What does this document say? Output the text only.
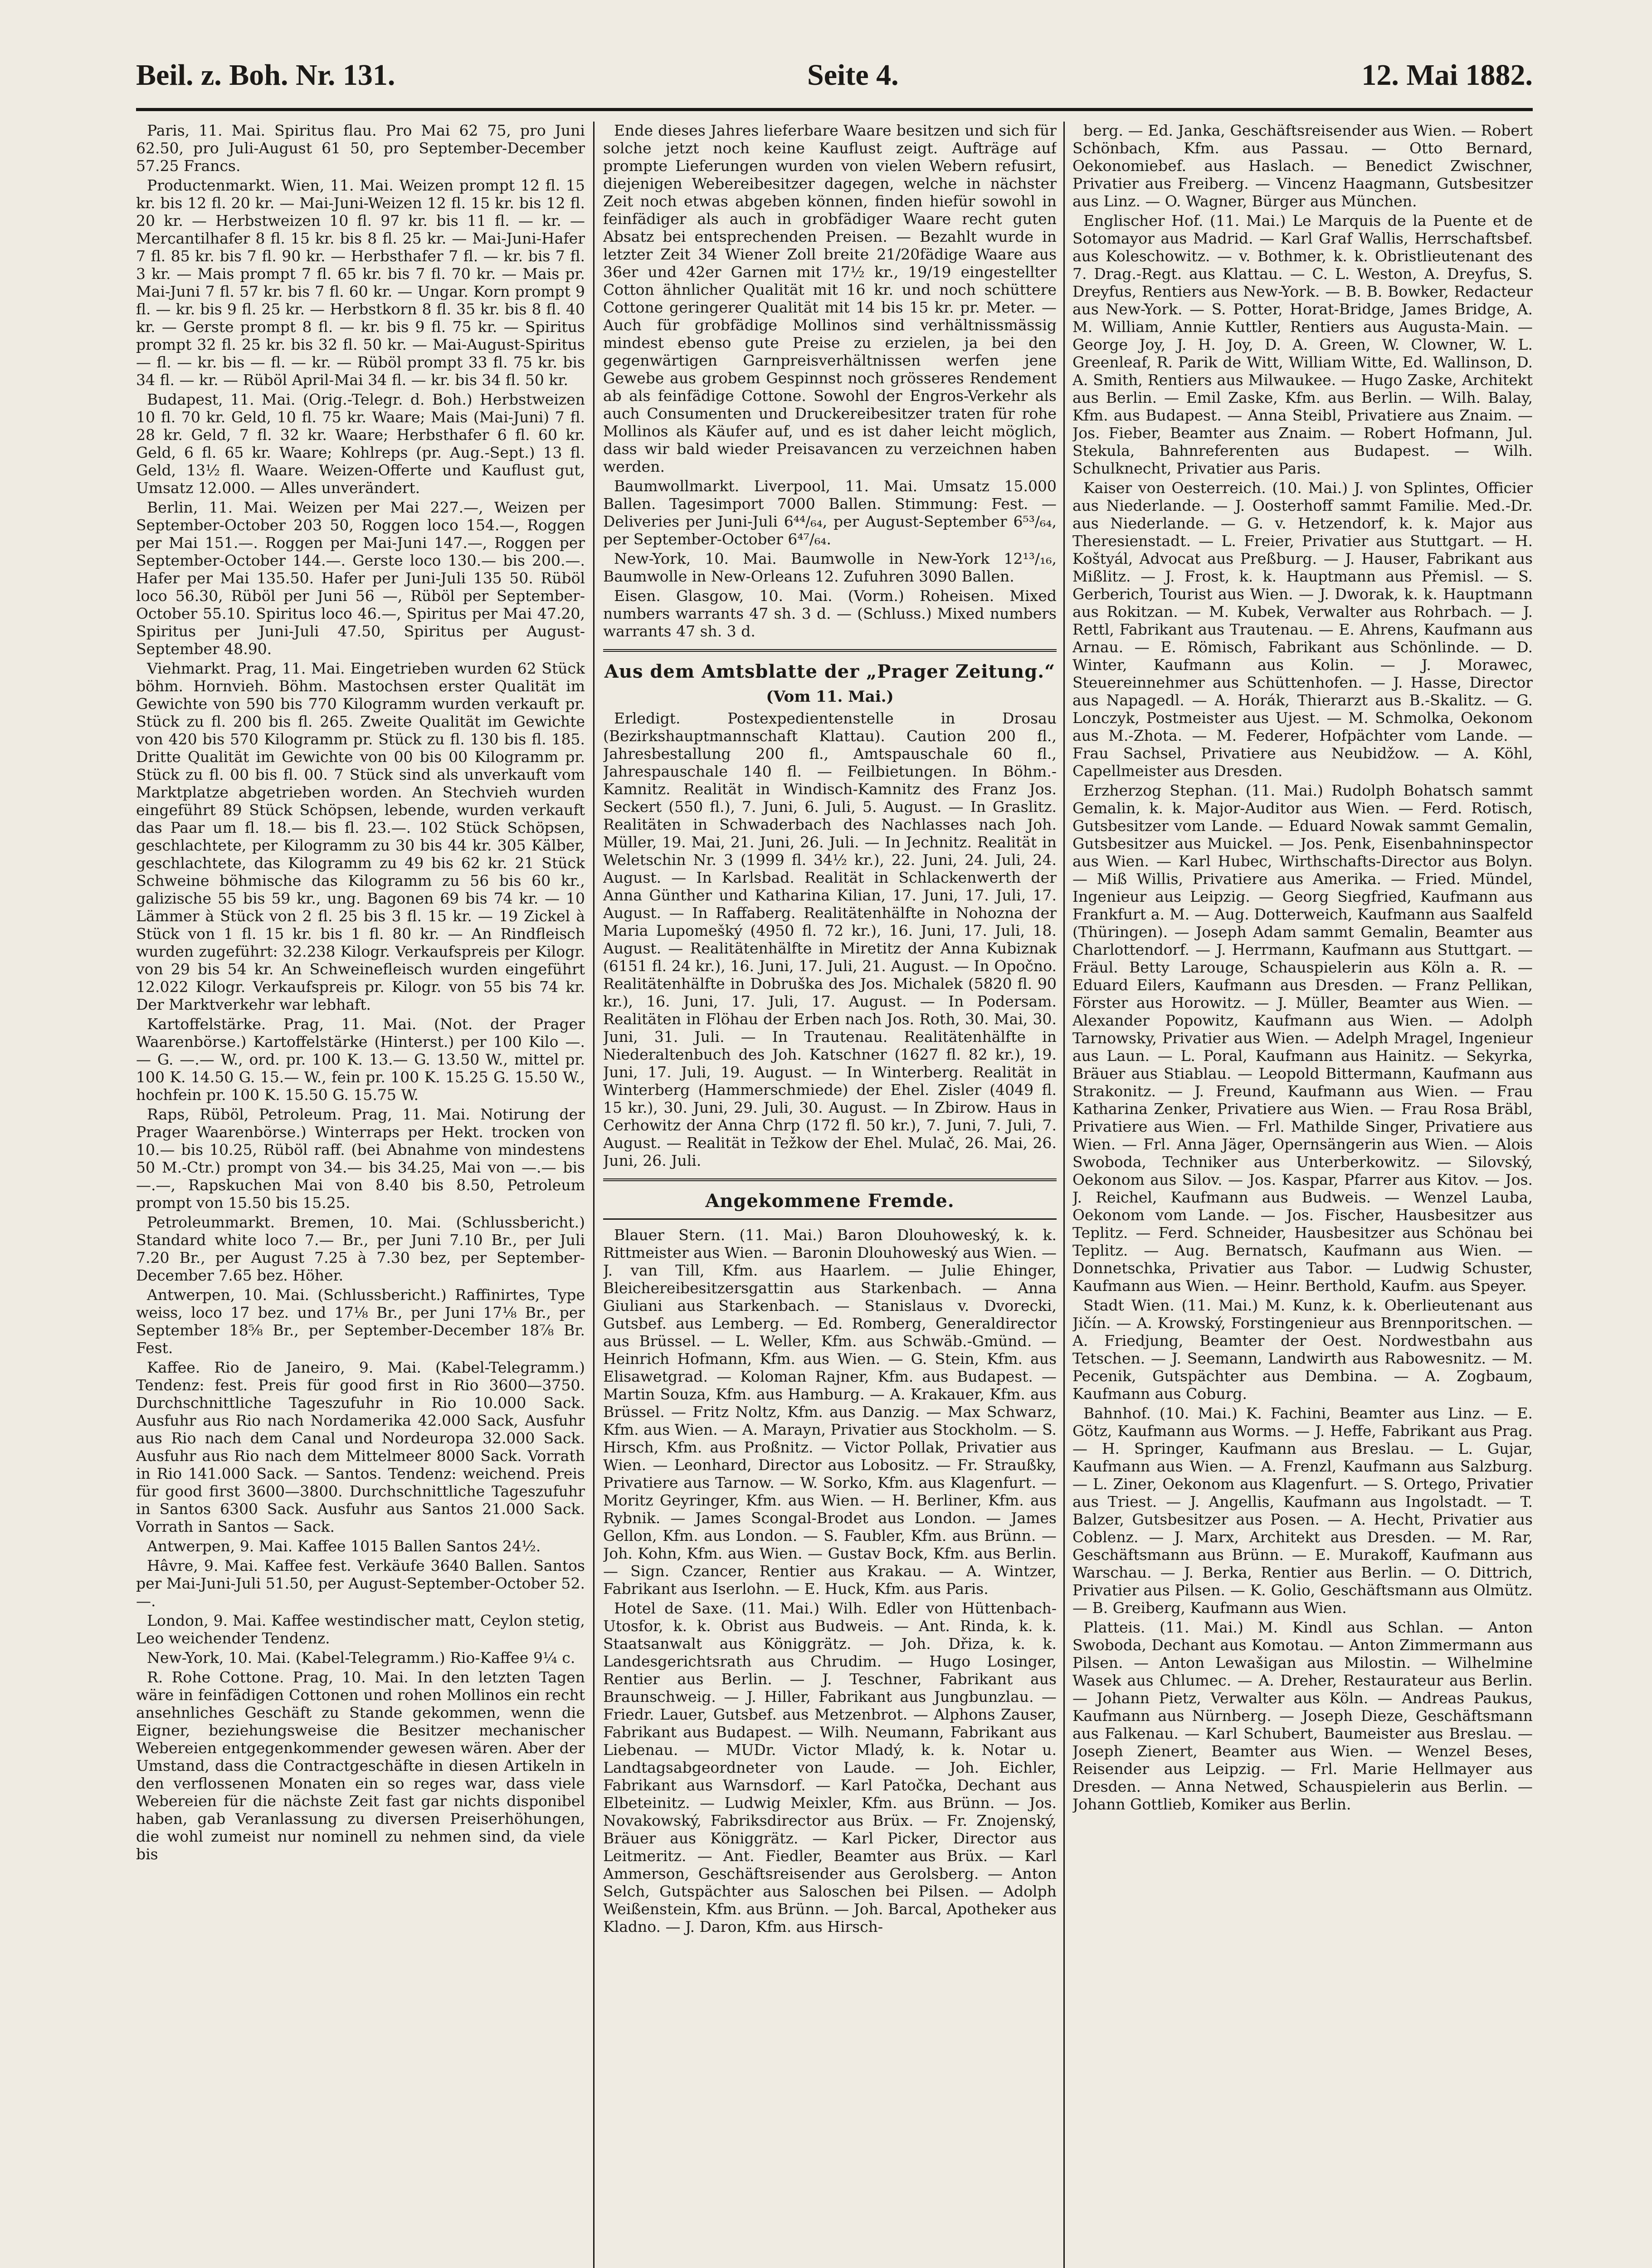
Beil. z. Boh. Nr. 131.	Seite 4.	12. Mai 1882.

Paris, 11. Mai. Spiritus flau. Pro Mai 62 75, pro Juni 62.50, pro Juli-August 61 50, pro September-December 57.25 Francs.

Productenmarkt. Wien, 11. Mai. Weizen prompt 12 fl. 15 kr. bis 12 fl. 20 kr. — Mai-Juni-Weizen 12 fl. 15 kr. bis 12 fl. 20 kr. — Herbstweizen 10 fl. 97 kr. bis 11 fl. — kr. — Mercantilhafer 8 fl. 15 kr. bis 8 fl. 25 kr. — Mai-Juni-Hafer 7 fl. 85 kr. bis 7 fl. 90 kr. — Herbsthafer 7 fl. — kr. bis 7 fl. 3 kr. — Mais prompt 7 fl. 65 kr. bis 7 fl. 70 kr. — Mais pr. Mai-Juni 7 fl. 57 kr. bis 7 fl. 60 kr. — Ungar. Korn prompt 9 fl. — kr. bis 9 fl. 25 kr. — Herbstkorn 8 fl. 35 kr. bis 8 fl. 40 kr. — Gerste prompt 8 fl. — kr. bis 9 fl. 75 kr. — Spiritus prompt 32 fl. 25 kr. bis 32 fl. 50 kr. — Mai-August-Spiritus — fl. — kr. bis — fl. — kr. — Rüböl prompt 33 fl. 75 kr. bis 34 fl. — kr. — Rüböl April-Mai 34 fl. — kr. bis 34 fl. 50 kr.

Budapest, 11. Mai. (Orig.-Telegr. d. Boh.) Herbstweizen 10 fl. 70 kr. Geld, 10 fl. 75 kr. Waare; Mais (Mai-Juni) 7 fl. 28 kr. Geld, 7 fl. 32 kr. Waare; Herbsthafer 6 fl. 60 kr. Geld, 6 fl. 65 kr. Waare; Kohlreps (pr. Aug.-Sept.) 13 fl. Geld, 13½ fl. Waare. Weizen-Offerte und Kauflust gut, Umsatz 12.000. — Alles unverändert.

Berlin, 11. Mai. Weizen per Mai 227.—, Weizen per September-October 203 50, Roggen loco 154.—, Roggen per Mai 151.—. Roggen per Mai-Juni 147.—, Roggen per September-October 144.—. Gerste loco 130.— bis 200.—. Hafer per Mai 135.50. Hafer per Juni-Juli 135 50. Rüböl loco 56.30, Rüböl per Juni 56 —, Rüböl per September-October 55.10. Spiritus loco 46.—, Spiritus per Mai 47.20, Spiritus per Juni-Juli 47.50, Spiritus per August-September 48.90.

Viehmarkt. Prag, 11. Mai. Eingetrieben wurden 62 Stück böhm. Hornvieh. Böhm. Mastochsen erster Qualität im Gewichte von 590 bis 770 Kilogramm wurden verkauft pr. Stück zu fl. 200 bis fl. 265. Zweite Qualität im Gewichte von 420 bis 570 Kilogramm pr. Stück zu fl. 130 bis fl. 185. Dritte Qualität im Gewichte von 00 bis 00 Kilogramm pr. Stück zu fl. 00 bis fl. 00. 7 Stück sind als unverkauft vom Marktplatze abgetrieben worden. An Stechvieh wurden eingeführt 89 Stück Schöpsen, lebende, wurden verkauft das Paar um fl. 18.— bis fl. 23.—. 102 Stück Schöpsen, geschlachtete, per Kilogramm zu 30 bis 44 kr. 305 Kälber, geschlachtete, das Kilogramm zu 49 bis 62 kr. 21 Stück Schweine böhmische das Kilogramm zu 56 bis 60 kr., galizische 55 bis 59 kr., ung. Bagonen 69 bis 74 kr. — 10 Lämmer à Stück von 2 fl. 25 bis 3 fl. 15 kr. — 19 Zickel à Stück von 1 fl. 15 kr. bis 1 fl. 80 kr. — An Rindfleisch wurden zugeführt: 32.238 Kilogr. Verkaufspreis per Kilogr. von 29 bis 54 kr. An Schweinefleisch wurden eingeführt 12.022 Kilogr. Verkaufspreis pr. Kilogr. von 55 bis 74 kr. Der Marktverkehr war lebhaft.

Kartoffelstärke. Prag, 11. Mai. (Not. der Prager Waarenbörse.) Kartoffelstärke (Hinterst.) per 100 Kilo —.— G. —.— W., ord. pr. 100 K. 13.— G. 13.50 W., mittel pr. 100 K. 14.50 G. 15.— W., fein pr. 100 K. 15.25 G. 15.50 W., hochfein pr. 100 K. 15.50 G. 15.75 W.

Raps, Rüböl, Petroleum. Prag, 11. Mai. Notirung der Prager Waarenbörse.) Winterraps per Hekt. trocken von 10.— bis 10.25, Rüböl raff. (bei Abnahme von mindestens 50 M.-Ctr.) prompt von 34.— bis 34.25, Mai von —.— bis —.—, Rapskuchen Mai von 8.40 bis 8.50, Petroleum prompt von 15.50 bis 15.25.

Petroleummarkt. Bremen, 10. Mai. (Schlussbericht.) Standard white loco 7.— Br., per Juni 7.10 Br., per Juli 7.20 Br., per August 7.25 à 7.30 bez, per September-December 7.65 bez. Höher.

Antwerpen, 10. Mai. (Schlussbericht.) Raffinirtes, Type weiss, loco 17 bez. und 17⅛ Br., per Juni 17⅛ Br., per September 18⅝ Br., per September-December 18⅞ Br. Fest.

Kaffee. Rio de Janeiro, 9. Mai. (Kabel-Telegramm.) Tendenz: fest. Preis für good first in Rio 3600—3750. Durchschnittliche Tageszufuhr in Rio 10.000 Sack. Ausfuhr aus Rio nach Nordamerika 42.000 Sack, Ausfuhr aus Rio nach dem Canal und Nordeuropa 32.000 Sack. Ausfuhr aus Rio nach dem Mittelmeer 8000 Sack. Vorrath in Rio 141.000 Sack. — Santos. Tendenz: weichend. Preis für good first 3600—3800. Durchschnittliche Tageszufuhr in Santos 6300 Sack. Ausfuhr aus Santos 21.000 Sack. Vorrath in Santos — Sack.

Antwerpen, 9. Mai. Kaffee 1015 Ballen Santos 24½.

Hâvre, 9. Mai. Kaffee fest. Verkäufe 3640 Ballen. Santos per Mai-Juni-Juli 51.50, per August-September-October 52.—.

London, 9. Mai. Kaffee westindischer matt, Ceylon stetig, Leo weichender Tendenz.

New-York, 10. Mai. (Kabel-Telegramm.) Rio-Kaffee 9¼ c.

R. Rohe Cottone. Prag, 10. Mai. In den letzten Tagen wäre in feinfädigen Cottonen und rohen Mollinos ein recht ansehnliches Geschäft zu Stande gekommen, wenn die Eigner, beziehungsweise die Besitzer mechanischer Webereien entgegenkommender gewesen wären. Aber der Umstand, dass die Contractgeschäfte in diesen Artikeln in den verflossenen Monaten ein so reges war, dass viele Webereien für die nächste Zeit fast gar nichts disponibel haben, gab Veranlassung zu diversen Preiserhöhungen, die wohl zumeist nur nominell zu nehmen sind, da viele bis

Ende dieses Jahres lieferbare Waare besitzen und sich für solche jetzt noch keine Kauflust zeigt. Aufträge auf prompte Lieferungen wurden von vielen Webern refusirt, diejenigen Webereibesitzer dagegen, welche in nächster Zeit noch etwas abgeben können, finden hiefür sowohl in feinfädiger als auch in grobfädiger Waare recht guten Absatz bei entsprechenden Preisen. — Bezahlt wurde in letzter Zeit 34 Wiener Zoll breite 21/20fädige Waare aus 36er und 42er Garnen mit 17½ kr., 19/19 eingestellter Cotton ähnlicher Qualität mit 16 kr. und noch schüttere Cottone geringerer Qualität mit 14 bis 15 kr. pr. Meter. — Auch für grobfädige Mollinos sind verhältnissmässig mindest ebenso gute Preise zu erzielen, ja bei den gegenwärtigen Garnpreisverhältnissen werfen jene Gewebe aus grobem Gespinnst noch grösseres Rendement ab als feinfädige Cottone. Sowohl der Engros-Verkehr als auch Consumenten und Druckereibesitzer traten für rohe Mollinos als Käufer auf, und es ist daher leicht möglich, dass wir bald wieder Preisavancen zu verzeichnen haben werden.

Baumwollmarkt. Liverpool, 11. Mai. Umsatz 15.000 Ballen. Tagesimport 7000 Ballen. Stimmung: Fest. — Deliveries per Juni-Juli 6⁴⁴/₆₄, per August-September 6⁵³/₆₄, per September-October 6⁴⁷/₆₄.

New-York, 10. Mai. Baumwolle in New-York 12¹³/₁₆, Baumwolle in New-Orleans 12. Zufuhren 3090 Ballen.

Eisen. Glasgow, 10. Mai. (Vorm.) Roheisen. Mixed numbers warrants 47 sh. 3 d. — (Schluss.) Mixed numbers warrants 47 sh. 3 d.

Aus dem Amtsblatte der „Prager Zeitung.“
(Vom 11. Mai.)

Erledigt. Postexpedientenstelle in Drosau (Bezirkshauptmannschaft Klattau). Caution 200 fl., Jahresbestallung 200 fl., Amtspauschale 60 fl., Jahrespauschale 140 fl. — Feilbietungen. In Böhm.-Kamnitz. Realität in Windisch-Kamnitz des Franz Jos. Seckert (550 fl.), 7. Juni, 6. Juli, 5. August. — In Graslitz. Realitäten in Schwaderbach des Nachlasses nach Joh. Müller, 19. Mai, 21. Juni, 26. Juli. — In Jechnitz. Realität in Weletschin Nr. 3 (1999 fl. 34½ kr.), 22. Juni, 24. Juli, 24. August. — In Karlsbad. Realität in Schlackenwerth der Anna Günther und Katharina Kilian, 17. Juni, 17. Juli, 17. August. — In Raffaberg. Realitätenhälfte in Nohozna der Maria Lupomešký (4950 fl. 72 kr.), 16. Juni, 17. Juli, 18. August. — Realitätenhälfte in Miretitz der Anna Kubiznak (6151 fl. 24 kr.), 16. Juni, 17. Juli, 21. August. — In Opočno. Realitätenhälfte in Dobruška des Jos. Michalek (5820 fl. 90 kr.), 16. Juni, 17. Juli, 17. August. — In Podersam. Realitäten in Flöhau der Erben nach Jos. Roth, 30. Mai, 30. Juni, 31. Juli. — In Trautenau. Realitätenhälfte in Niederaltenbuch des Joh. Katschner (1627 fl. 82 kr.), 19. Juni, 17. Juli, 19. August. — In Winterberg. Realität in Winterberg (Hammerschmiede) der Ehel. Zisler (4049 fl. 15 kr.), 30. Juni, 29. Juli, 30. August. — In Zbirow. Haus in Cerhowitz der Anna Chrp (172 fl. 50 kr.), 7. Juni, 7. Juli, 7. August. — Realität in Težkow der Ehel. Mulač, 26. Mai, 26. Juni, 26. Juli.

Angekommene Fremde.

Blauer Stern. (11. Mai.) Baron Dlouhoweský, k. k. Rittmeister aus Wien. — Baronin Dlouhoweský aus Wien. — J. van Till, Kfm. aus Haarlem. — Julie Ehinger, Bleichereibesitzersgattin aus Starkenbach. — Anna Giuliani aus Starkenbach. — Stanislaus v. Dvorecki, Gutsbef. aus Lemberg. — Ed. Romberg, Generaldirector aus Brüssel. — L. Weller, Kfm. aus Schwäb.-Gmünd. — Heinrich Hofmann, Kfm. aus Wien. — G. Stein, Kfm. aus Elisawetgrad. — Koloman Rajner, Kfm. aus Budapest. — Martin Souza, Kfm. aus Hamburg. — A. Krakauer, Kfm. aus Brüssel. — Fritz Noltz, Kfm. aus Danzig. — Max Schwarz, Kfm. aus Wien. — A. Marayn, Privatier aus Stockholm. — S. Hirsch, Kfm. aus Proßnitz. — Victor Pollak, Privatier aus Wien. — Leonhard, Director aus Lobositz. — Fr. Straußky, Privatiere aus Tarnow. — W. Sorko, Kfm. aus Klagenfurt. — Moritz Geyringer, Kfm. aus Wien. — H. Berliner, Kfm. aus Rybnik. — James Scongal-Brodet aus London. — James Gellon, Kfm. aus London. — S. Faubler, Kfm. aus Brünn. — Joh. Kohn, Kfm. aus Wien. — Gustav Bock, Kfm. aus Berlin. — Sign. Czancer, Rentier aus Krakau. — A. Wintzer, Fabrikant aus Iserlohn. — E. Huck, Kfm. aus Paris.

Hotel de Saxe. (11. Mai.) Wilh. Edler von Hüttenbach-Utosfor, k. k. Obrist aus Budweis. — Ant. Rinda, k. k. Staatsanwalt aus Königgrätz. — Joh. Dřiza, k. k. Landesgerichtsrath aus Chrudim. — Hugo Losinger, Rentier aus Berlin. — J. Teschner, Fabrikant aus Braunschweig. — J. Hiller, Fabrikant aus Jungbunzlau. — Friedr. Lauer, Gutsbef. aus Metzenbrot. — Alphons Zauser, Fabrikant aus Budapest. — Wilh. Neumann, Fabrikant aus Liebenau. — MUDr. Victor Mladý, k. k. Notar u. Landtagsabgeordneter von Laude. — Joh. Eichler, Fabrikant aus Warnsdorf. — Karl Patočka, Dechant aus Elbeteinitz. — Ludwig Meixler, Kfm. aus Brünn. — Jos. Novakowský, Fabriksdirector aus Brüx. — Fr. Znojenský, Bräuer aus Königgrätz. — Karl Picker, Director aus Leitmeritz. — Ant. Fiedler, Beamter aus Brüx. — Karl Ammerson, Geschäftsreisender aus Gerolsberg. — Anton Selch, Gutspächter aus Saloschen bei Pilsen. — Adolph Weißenstein, Kfm. aus Brünn. — Joh. Barcal, Apotheker aus Kladno. — J. Daron, Kfm. aus Hirsch-

berg. — Ed. Janka, Geschäftsreisender aus Wien. — Robert Schönbach, Kfm. aus Passau. — Otto Bernard, Oekonomiebef. aus Haslach. — Benedict Zwischner, Privatier aus Freiberg. — Vincenz Haagmann, Gutsbesitzer aus Linz. — O. Wagner, Bürger aus München.

Englischer Hof. (11. Mai.) Le Marquis de la Puente et de Sotomayor aus Madrid. — Karl Graf Wallis, Herrschaftsbef. aus Koleschowitz. — v. Bothmer, k. k. Obristlieutenant des 7. Drag.-Regt. aus Klattau. — C. L. Weston, A. Dreyfus, S. Dreyfus, Rentiers aus New-York. — B. B. Bowker, Redacteur aus New-York. — S. Potter, Horat-Bridge, James Bridge, A. M. William, Annie Kuttler, Rentiers aus Augusta-Main. — George Joy, J. H. Joy, D. A. Green, W. Clowner, W. L. Greenleaf, R. Parik de Witt, William Witte, Ed. Wallinson, D. A. Smith, Rentiers aus Milwaukee. — Hugo Zaske, Architekt aus Berlin. — Emil Zaske, Kfm. aus Berlin. — Wilh. Balay, Kfm. aus Budapest. — Anna Steibl, Privatiere aus Znaim. — Jos. Fieber, Beamter aus Znaim. — Robert Hofmann, Jul. Stekula, Bahnreferenten aus Budapest. — Wilh. Schulknecht, Privatier aus Paris.

Kaiser von Oesterreich. (10. Mai.) J. von Splintes, Officier aus Niederlande. — J. Oosterhoff sammt Familie. Med.-Dr. aus Niederlande. — G. v. Hetzendorf, k. k. Major aus Theresienstadt. — L. Freier, Privatier aus Stuttgart. — H. Koštyál, Advocat aus Preßburg. — J. Hauser, Fabrikant aus Mißlitz. — J. Frost, k. k. Hauptmann aus Přemisl. — S. Gerberich, Tourist aus Wien. — J. Dworak, k. k. Hauptmann aus Rokitzan. — M. Kubek, Verwalter aus Rohrbach. — J. Rettl, Fabrikant aus Trautenau. — E. Ahrens, Kaufmann aus Arnau. — E. Römisch, Fabrikant aus Schönlinde. — D. Winter, Kaufmann aus Kolin. — J. Morawec, Steuereinnehmer aus Schüttenhofen. — J. Hasse, Director aus Napagedl. — A. Horák, Thierarzt aus B.-Skalitz. — G. Lonczyk, Postmeister aus Ujest. — M. Schmolka, Oekonom aus M.-Zhota. — M. Federer, Hofpächter vom Lande. — Frau Sachsel, Privatiere aus Neubidžow. — A. Köhl, Capellmeister aus Dresden.

Erzherzog Stephan. (11. Mai.) Rudolph Bohatsch sammt Gemalin, k. k. Major-Auditor aus Wien. — Ferd. Rotisch, Gutsbesitzer vom Lande. — Eduard Nowak sammt Gemalin, Gutsbesitzer aus Muickel. — Jos. Penk, Eisenbahninspector aus Wien. — Karl Hubec, Wirthschafts-Director aus Bolyn. — Miß Willis, Privatiere aus Amerika. — Fried. Mündel, Ingenieur aus Leipzig. — Georg Siegfried, Kaufmann aus Frankfurt a. M. — Aug. Dotterweich, Kaufmann aus Saalfeld (Thüringen). — Joseph Adam sammt Gemalin, Beamter aus Charlottendorf. — J. Herrmann, Kaufmann aus Stuttgart. — Fräul. Betty Larouge, Schauspielerin aus Köln a. R. — Eduard Eilers, Kaufmann aus Dresden. — Franz Pellikan, Förster aus Horowitz. — J. Müller, Beamter aus Wien. — Alexander Popowitz, Kaufmann aus Wien. — Adolph Tarnowsky, Privatier aus Wien. — Adelph Mragel, Ingenieur aus Laun. — L. Poral, Kaufmann aus Hainitz. — Sekyrka, Bräuer aus Stiablau. — Leopold Bittermann, Kaufmann aus Strakonitz. — J. Freund, Kaufmann aus Wien. — Frau Katharina Zenker, Privatiere aus Wien. — Frau Rosa Bräbl, Privatiere aus Wien. — Frl. Mathilde Singer, Privatiere aus Wien. — Frl. Anna Jäger, Opernsängerin aus Wien. — Alois Swoboda, Techniker aus Unterberkowitz. — Silovský, Oekonom aus Silov. — Jos. Kaspar, Pfarrer aus Kitov. — Jos. J. Reichel, Kaufmann aus Budweis. — Wenzel Lauba, Oekonom vom Lande. — Jos. Fischer, Hausbesitzer aus Teplitz. — Ferd. Schneider, Hausbesitzer aus Schönau bei Teplitz. — Aug. Bernatsch, Kaufmann aus Wien. — Donnetschka, Privatier aus Tabor. — Ludwig Schuster, Kaufmann aus Wien. — Heinr. Berthold, Kaufm. aus Speyer.

Stadt Wien. (11. Mai.) M. Kunz, k. k. Oberlieutenant aus Jičín. — A. Krowský, Forstingenieur aus Brennporitschen. — A. Friedjung, Beamter der Oest. Nordwestbahn aus Tetschen. — J. Seemann, Landwirth aus Rabowesnitz. — M. Pecenik, Gutspächter aus Dembina. — A. Zogbaum, Kaufmann aus Coburg.

Bahnhof. (10. Mai.) K. Fachini, Beamter aus Linz. — E. Götz, Kaufmann aus Worms. — J. Heffe, Fabrikant aus Prag. — H. Springer, Kaufmann aus Breslau. — L. Gujar, Kaufmann aus Wien. — A. Frenzl, Kaufmann aus Salzburg. — L. Ziner, Oekonom aus Klagenfurt. — S. Ortego, Privatier aus Triest. — J. Angellis, Kaufmann aus Ingolstadt. — T. Balzer, Gutsbesitzer aus Posen. — A. Hecht, Privatier aus Coblenz. — J. Marx, Architekt aus Dresden. — M. Rar, Geschäftsmann aus Brünn. — E. Murakoff, Kaufmann aus Warschau. — J. Berka, Rentier aus Berlin. — O. Dittrich, Privatier aus Pilsen. — K. Golio, Geschäftsmann aus Olmütz. — B. Greiberg, Kaufmann aus Wien.

Platteis. (11. Mai.) M. Kindl aus Schlan. — Anton Swoboda, Dechant aus Komotau. — Anton Zimmermann aus Pilsen. — Anton Lewašigan aus Milostin. — Wilhelmine Wasek aus Chlumec. — A. Dreher, Restaurateur aus Berlin. — Johann Pietz, Verwalter aus Köln. — Andreas Paukus, Kaufmann aus Nürnberg. — Joseph Dieze, Geschäftsmann aus Falkenau. — Karl Schubert, Baumeister aus Breslau. — Joseph Zienert, Beamter aus Wien. — Wenzel Beses, Reisender aus Leipzig. — Frl. Marie Hellmayer aus Dresden. — Anna Netwed, Schauspielerin aus Berlin. — Johann Gottlieb, Komiker aus Berlin.
